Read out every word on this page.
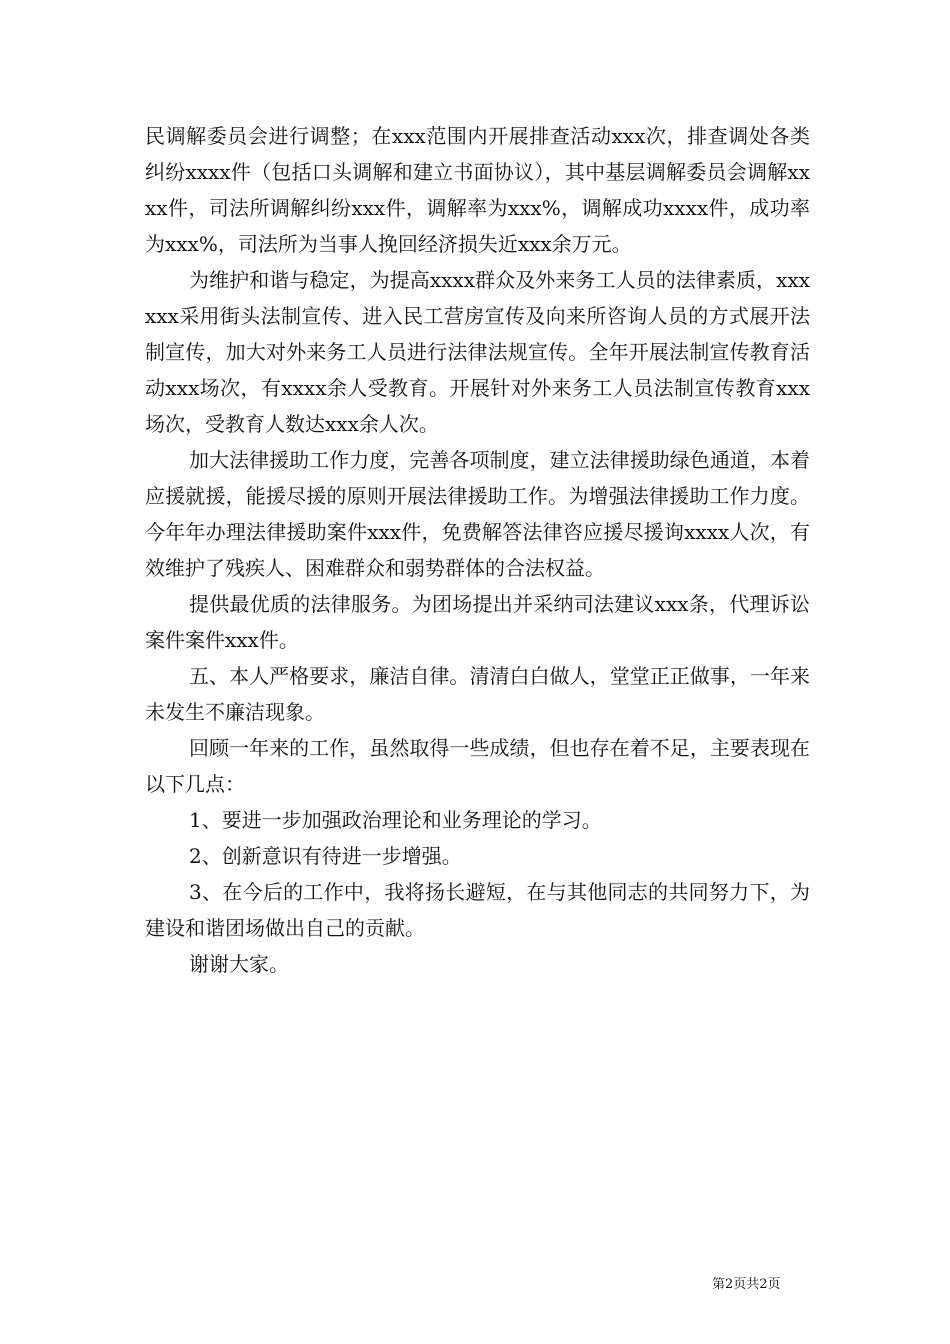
民调解委员会进行调整；在xxx范围内开展排查活动xxx次，排查调处各类纠纷xxxx件（包括口头调解和建立书面协议），其中基层调解委员会调解xxxx件，司法所调解纠纷xxx件，调解率为xxx%，调解成功xxxx件，成功率为xxx%，司法所为当事人挽回经济损失近xxx余万元。

为维护和谐与稳定，为提高xxxx群众及外来务工人员的法律素质，xxxxxx采用街头法制宣传、进入民工营房宣传及向来所咨询人员的方式展开法制宣传，加大对外来务工人员进行法律法规宣传。全年开展法制宣传教育活动xxx场次，有xxxx余人受教育。开展针对外来务工人员法制宣传教育xxx场次，受教育人数达xxx余人次。

加大法律援助工作力度，完善各项制度，建立法律援助绿色通道，本着应援就援，能援尽援的原则开展法律援助工作。为增强法律援助工作力度。今年年办理法律援助案件xxx件，免费解答法律咨应援尽援询xxxx人次，有效维护了残疾人、困难群众和弱势群体的合法权益。

提供最优质的法律服务。为团场提出并采纳司法建议xxx条，代理诉讼案件案件xxx件。

五、本人严格要求，廉洁自律。清清白白做人，堂堂正正做事，一年来未发生不廉洁现象。

回顾一年来的工作，虽然取得一些成绩，但也存在着不足，主要表现在以下几点：

1、要进一步加强政治理论和业务理论的学习。

2、创新意识有待进一步增强。

3、在今后的工作中，我将扬长避短，在与其他同志的共同努力下，为建设和谐团场做出自己的贡献。

谢谢大家。

第2页共2页
